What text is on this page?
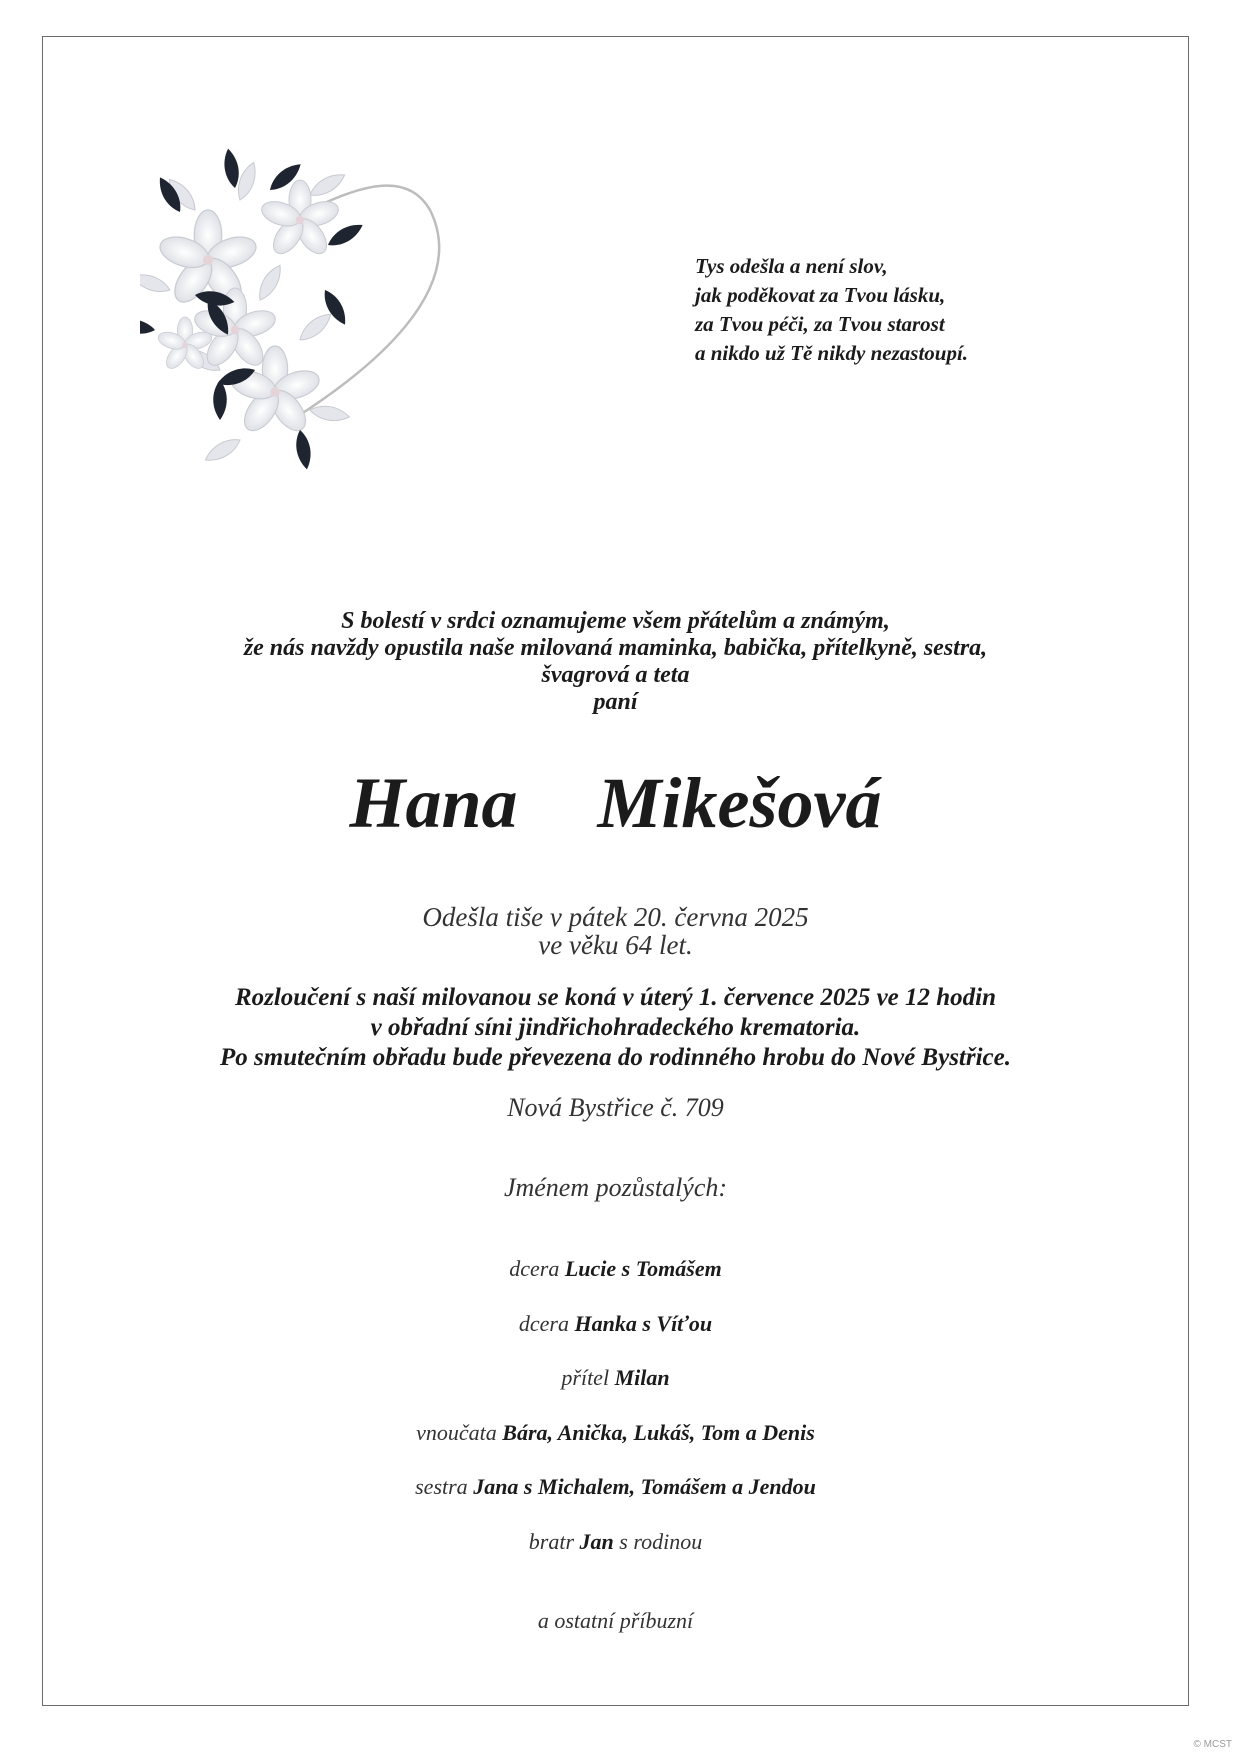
Tys odešla a není slov,
jak poděkovat za Tvou lásku,
za Tvou péči, za Tvou starost
a nikdo už Tě nikdy nezastoupí.
S bolestí v srdci oznamujeme všem přátelům a známým,
že nás navždy opustila naše milovaná maminka, babička, přítelkyně, sestra,
švagrová a teta
paní
Hana  Mikešová
Odešla tiše v pátek 20. června 2025
ve věku 64 let.
Rozloučení s naší milovanou se koná v úterý 1. července 2025 ve 12 hodin
v obřadní síni jindřichohradeckého krematoria.
Po smutečním obřadu bude převezena do rodinného hrobu do Nové Bystřice.
Nová Bystřice č. 709
Jménem pozůstalých:
dcera Lucie s Tomášem
dcera Hanka s Víťou
přítel Milan
vnoučata Bára, Anička, Lukáš, Tom a Denis
sestra Jana s Michalem, Tomášem a Jendou
bratr Jan s rodinou
a ostatní příbuzní
© MCST
